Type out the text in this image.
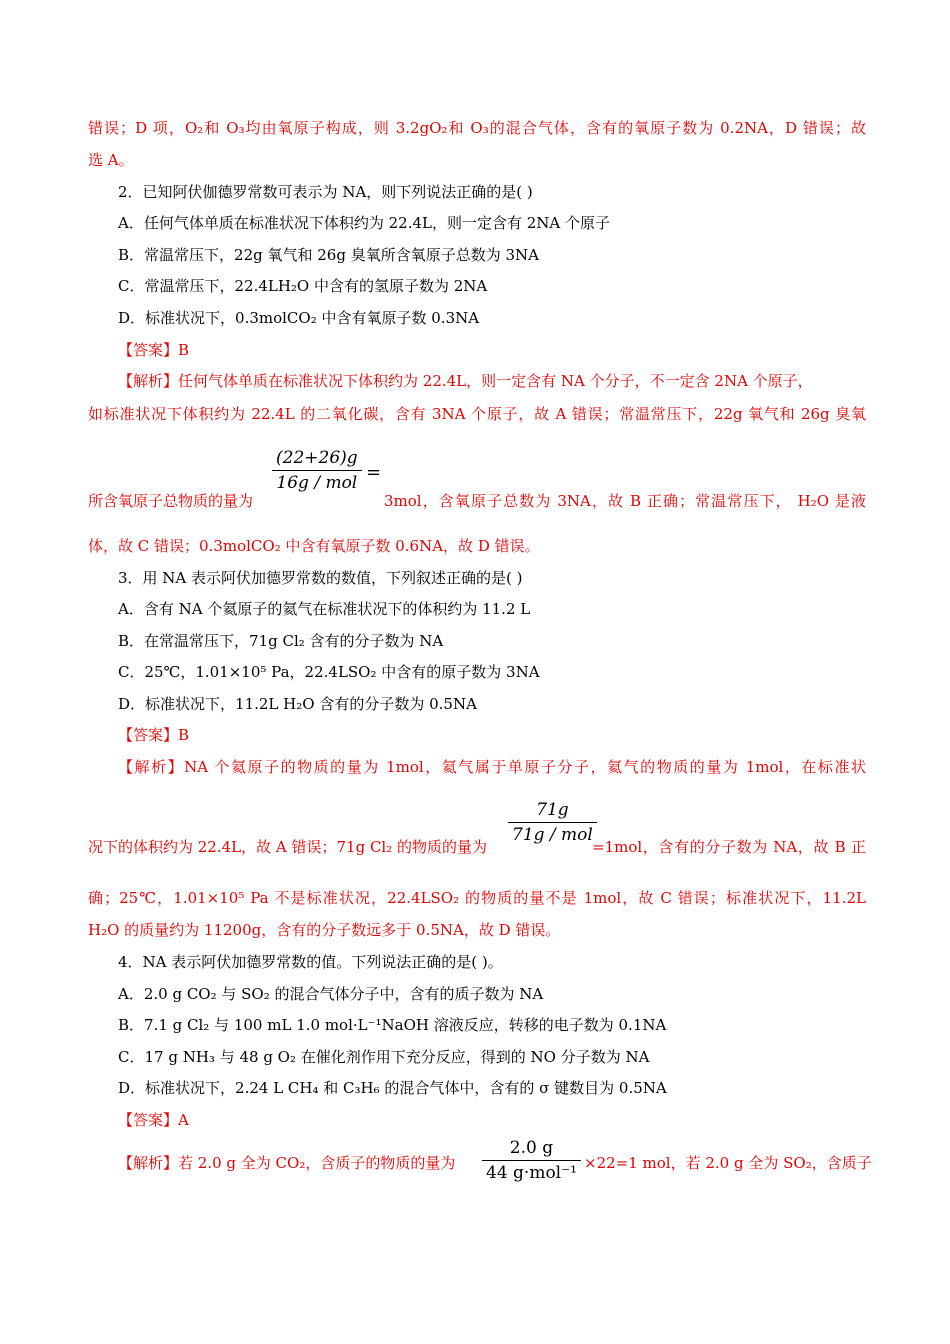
错误；D 项，O₂和 O₃均由氧原子构成，则 3.2gO₂和 O₃的混合气体，含有的氧原子数为 0.2NA，D 错误；故
选 A。
2．已知阿伏伽德罗常数可表示为 NA，则下列说法正确的是( )
A．任何气体单质在标准状况下体积约为 22.4L，则一定含有 2NA 个原子
B．常温常压下，22g 氧气和 26g 臭氧所含氧原子总数为 3NA
C．常温常压下，22.4LH₂O 中含有的氢原子数为 2NA
D．标准状况下，0.3molCO₂ 中含有氧原子数 0.3NA
【答案】B
【解析】任何气体单质在标准状况下体积约为 22.4L，则一定含有 NA 个分子，不一定含 2NA 个原子，
如标准状况下体积约为 22.4L 的二氧化碳，含有 3NA 个原子，故 A 错误；常温常压下，22g 氧气和 26g 臭氧
$\frac{(22+26)g}{\text{16g / mol}}$ =
所含氧原子总物质的量为	3mol，含氧原子总数为 3NA，故 B 正确；常温常压下， H₂O 是液
体，故 C 错误；0.3molCO₂ 中含有氧原子数 0.6NA，故 D 错误。
3．用 NA 表示阿伏加德罗常数的数值，下列叙述正确的是( )
A．含有 NA 个氦原子的氦气在标准状况下的体积约为 11.2 L
B．在常温常压下，71g Cl₂ 含有的分子数为 NA
C．25℃，1.01×10⁵ Pa，22.4LSO₂ 中含有的原子数为 3NA
D．标准状况下，11.2L H₂O 含有的分子数为 0.5NA
【答案】B
【解析】NA 个氦原子的物质的量为 1mol，氦气属于单原子分子，氦气的物质的量为 1mol，在标准状
$\frac{71g}{\text{71g / mol}}$
况下的体积约为 22.4L，故 A 错误；71g Cl₂ 的物质的量为	=1mol，含有的分子数为 NA，故 B 正
确；25℃，1.01×10⁵ Pa 不是标准状况，22.4LSO₂ 的物质的量不是 1mol，故 C 错误；标准状况下，11.2L
H₂O 的质量约为 11200g，含有的分子数远多于 0.5NA，故 D 错误。
4．NA 表示阿伏加德罗常数的值。下列说法正确的是( )。
A．2.0 g CO₂ 与 SO₂ 的混合气体分子中，含有的质子数为 NA
B．7.1 g Cl₂ 与 100 mL 1.0 mol·L⁻¹NaOH 溶液反应，转移的电子数为 0.1NA
C．17 g NH₃ 与 48 g O₂ 在催化剂作用下充分反应，得到的 NO 分子数为 NA
D．标准状况下，2.24 L CH₄ 和 C₃H₆ 的混合气体中，含有的 σ 键数目为 0.5NA
【答案】A
【解析】若 2.0 g 全为 CO₂，含质子的物质的量为	$\frac{2.0 g}{\text{44 g·mol⁻¹}} \times 22=1$ mol，若 2.0 g 全为 SO₂，含质子
